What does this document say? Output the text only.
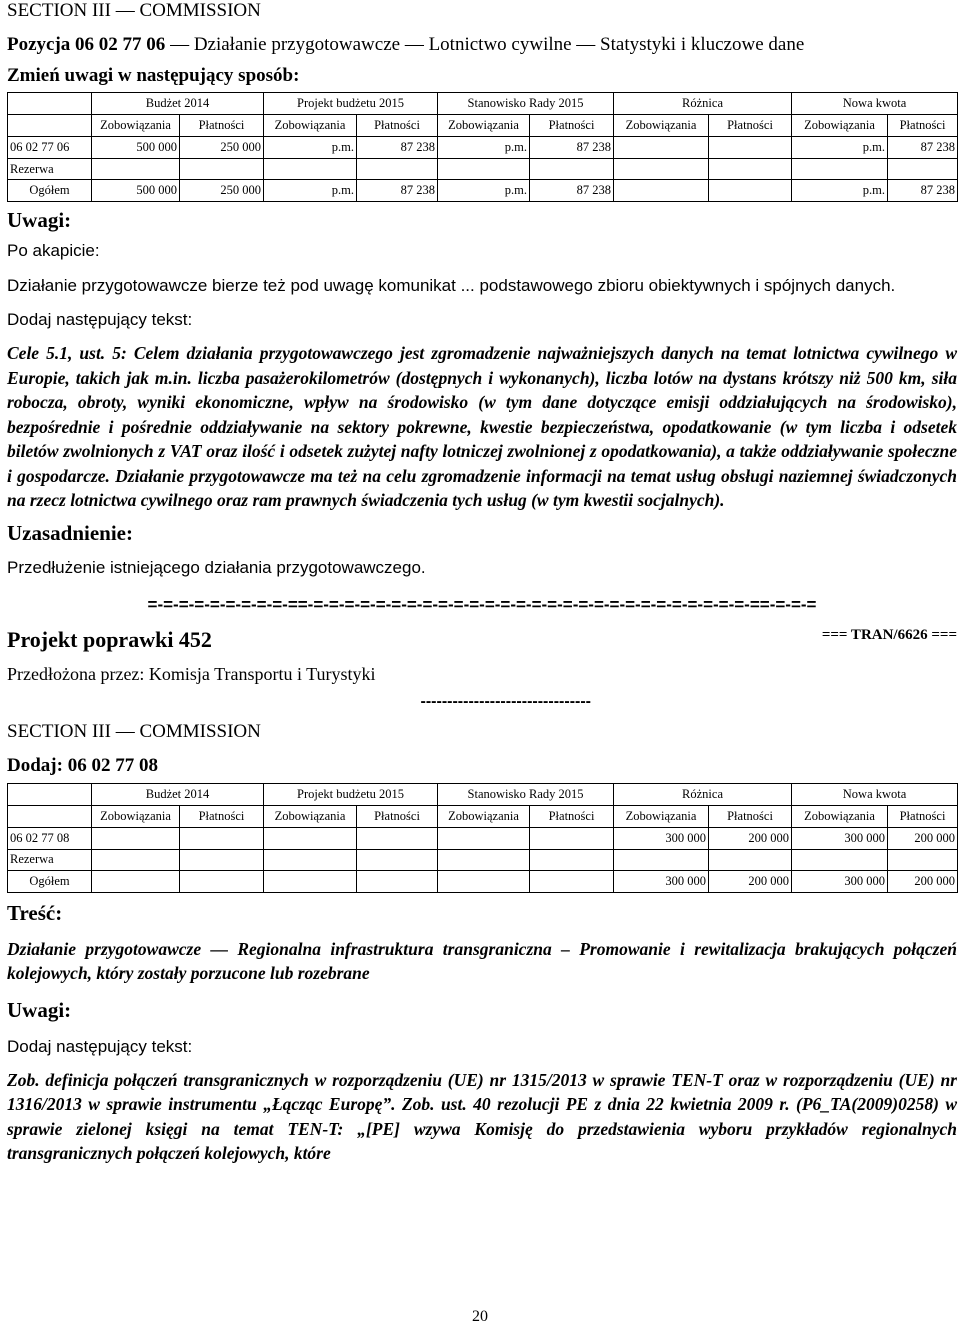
SECTION III — COMMISSION
Pozycja 06 02 77 06 — Działanie przygotowawcze — Lotnictwo cywilne — Statystyki i kluczowe dane
Zmień uwagi w następujący sposób:
	Budżet 2014		Projekt budżetu 2015		Stanowisko Rady 2015		Różnica		Nowa kwota	
	Zobowiązania	Płatności	Zobowiązania	Płatności	Zobowiązania	Płatności	Zobowiązania	Płatności	Zobowiązania	Płatności
06 02 77 06	500 000	250 000	p.m.	87 238	p.m.	87 238			p.m.	87 238
Rezerwa										
Ogółem	500 000	250 000	p.m.	87 238	p.m.	87 238			p.m.	87 238
Uwagi:
Po akapicie:
Działanie przygotowawcze bierze też pod uwagę komunikat ... podstawowego zbioru obiektywnych i spójnych danych.
Dodaj następujący tekst:
Cele 5.1, ust. 5: Celem działania przygotowawczego jest zgromadzenie najważniejszych danych na temat lotnictwa cywilnego w Europie, takich jak m.in. liczba pasażerokilometrów (dostępnych i wykonanych), liczba lotów na dystans krótszy niż 500 km, siła robocza, obroty, wyniki ekonomiczne, wpływ na środowisko (w tym dane dotyczące emisji oddziałujących na środowisko), bezpośrednie i pośrednie oddziaływanie na sektory pokrewne, kwestie bezpieczeństwa, opodatkowanie (w tym liczba i odsetek biletów zwolnionych z VAT oraz ilość i odsetek zużytej nafty lotniczej zwolnionej z opodatkowania), a także oddziaływanie społeczne i gospodarcze. Działanie przygotowawcze ma też na celu zgromadzenie informacji na temat usług obsługi naziemnej świadczonych na rzecz lotnictwa cywilnego oraz ram prawnych świadczenia tych usług (w tym kwestii socjalnych).
Uzasadnienie:
Przedłużenie istniejącego działania przygotowawczego.
=-=-=-=-=-=-=-=-=-==-=-=-=-=-=-=-=-=-=-=-=-=-=-=-=-=-=-=-=-=-=-=-=-=-=-=-=-=-==-=-=-=
Projekt poprawki 452	=== TRAN/6626 ===
Przedłożona przez: Komisja Transportu i Turystyki
--------------------------------
SECTION III — COMMISSION
Dodaj: 06 02 77 08
	Budżet 2014		Projekt budżetu 2015		Stanowisko Rady 2015		Różnica		Nowa kwota	
	Zobowiązania	Płatności	Zobowiązania	Płatności	Zobowiązania	Płatności	Zobowiązania	Płatności	Zobowiązania	Płatności
06 02 77 08							300 000	200 000	300 000	200 000
Rezerwa										
Ogółem							300 000	200 000	300 000	200 000
Treść:
Działanie przygotowawcze — Regionalna infrastruktura transgraniczna – Promowanie i rewitalizacja brakujących połączeń kolejowych, który zostały porzucone lub rozebrane
Uwagi:
Dodaj następujący tekst:
Zob. definicja połączeń transgranicznych w rozporządzeniu (UE) nr 1315/2013 w sprawie TEN-T oraz w rozporządzeniu (UE) nr 1316/2013 w sprawie instrumentu „Łącząc Europę”. Zob. ust. 40 rezolucji PE z dnia 22 kwietnia 2009 r. (P6_TA(2009)0258) w sprawie zielonej księgi na temat TEN-T: „[PE] wzywa Komisję do przedstawienia wyboru przykładów regionalnych transgranicznych połączeń kolejowych, które
20
